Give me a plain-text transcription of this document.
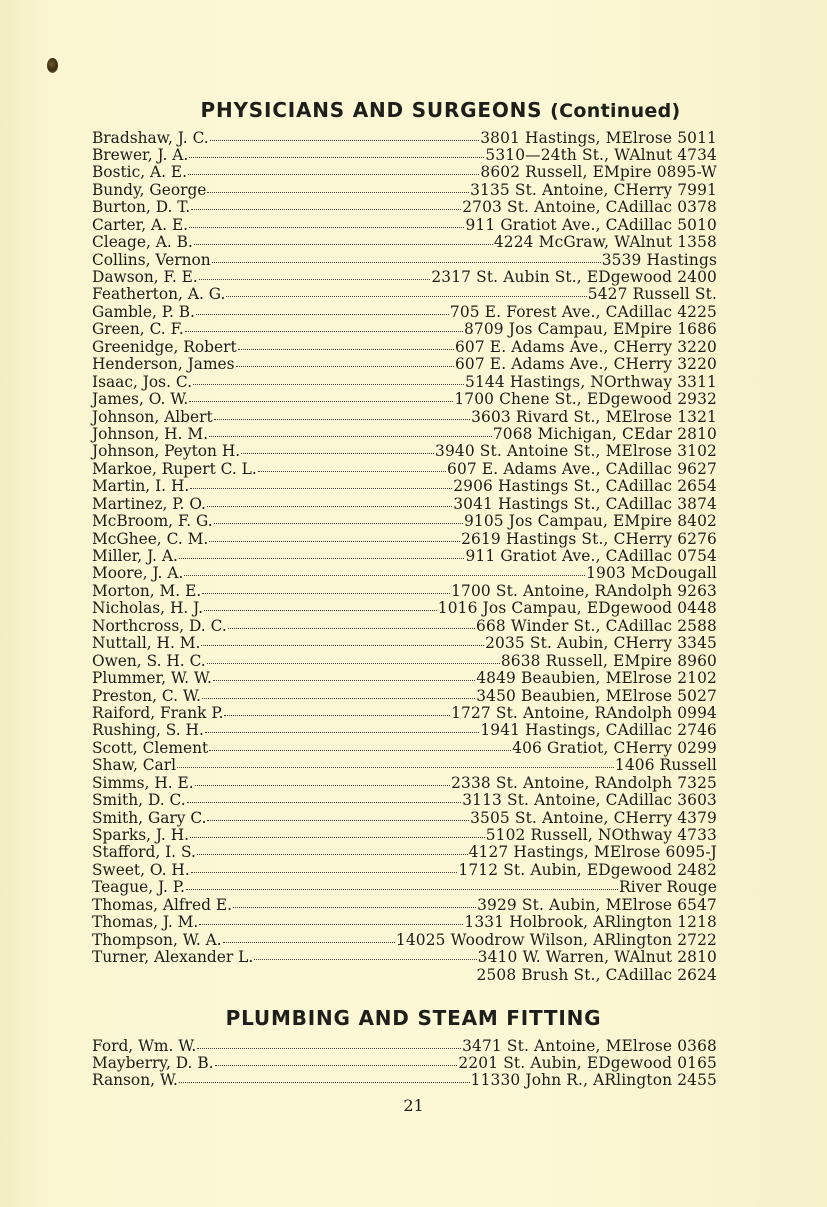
PHYSICIANS AND SURGEONS (Continued)
Bradshaw, J. C.	3801 Hastings, MElrose 5011
Brewer, J. A.	5310—24th St., WAlnut 4734
Bostic, A. E.	8602 Russell, EMpire 0895-W
Bundy, George	3135 St. Antoine, CHerry 7991
Burton, D. T.	2703 St. Antoine, CAdillac 0378
Carter, A. E.	911 Gratiot Ave., CAdillac 5010
Cleage, A. B.	4224 McGraw, WAlnut 1358
Collins, Vernon	3539 Hastings
Dawson, F. E.	2317 St. Aubin St., EDgewood 2400
Featherton, A. G.	5427 Russell St.
Gamble, P. B.	705 E. Forest Ave., CAdillac 4225
Green, C. F.	8709 Jos Campau, EMpire 1686
Greenidge, Robert	607 E. Adams Ave., CHerry 3220
Henderson, James	607 E. Adams Ave., CHerry 3220
Isaac, Jos. C.	5144 Hastings, NOrthway 3311
James, O. W.	1700 Chene St., EDgewood 2932
Johnson, Albert	3603 Rivard St., MElrose 1321
Johnson, H. M.	7068 Michigan, CEdar 2810
Johnson, Peyton H.	3940 St. Antoine St., MElrose 3102
Markoe, Rupert C. L.	607 E. Adams Ave., CAdillac 9627
Martin, I. H.	2906 Hastings St., CAdillac 2654
Martinez, P. O.	3041 Hastings St., CAdillac 3874
McBroom, F. G.	9105 Jos Campau, EMpire 8402
McGhee, C. M.	2619 Hastings St., CHerry 6276
Miller, J. A.	911 Gratiot Ave., CAdillac 0754
Moore, J. A.	1903 McDougall
Morton, M. E.	1700 St. Antoine, RAndolph 9263
Nicholas, H. J.	1016 Jos Campau, EDgewood 0448
Northcross, D. C.	668 Winder St., CAdillac 2588
Nuttall, H. M.	2035 St. Aubin, CHerry 3345
Owen, S. H. C.	8638 Russell, EMpire 8960
Plummer, W. W.	4849 Beaubien, MElrose 2102
Preston, C. W.	3450 Beaubien, MElrose 5027
Raiford, Frank P.	1727 St. Antoine, RAndolph 0994
Rushing, S. H.	1941 Hastings, CAdillac 2746
Scott, Clement	406 Gratiot, CHerry 0299
Shaw, Carl	1406 Russell
Simms, H. E.	2338 St. Antoine, RAndolph 7325
Smith, D. C.	3113 St. Antoine, CAdillac 3603
Smith, Gary C.	3505 St. Antoine, CHerry 4379
Sparks, J. H.	5102 Russell, NOthway 4733
Stafford, I. S.	4127 Hastings, MElrose 6095-J
Sweet, O. H.	1712 St. Aubin, EDgewood 2482
Teague, J. P.	River Rouge
Thomas, Alfred E.	3929 St. Aubin, MElrose 6547
Thomas, J. M.	1331 Holbrook, ARlington 1218
Thompson, W. A.	14025 Woodrow Wilson, ARlington 2722
Turner, Alexander L.	3410 W. Warren, WAlnut 2810
2508 Brush St., CAdillac 2624
PLUMBING AND STEAM FITTING
Ford, Wm. W.	3471 St. Antoine, MElrose 0368
Mayberry, D. B.	2201 St. Aubin, EDgewood 0165
Ranson, W.	11330 John R., ARlington 2455
21
